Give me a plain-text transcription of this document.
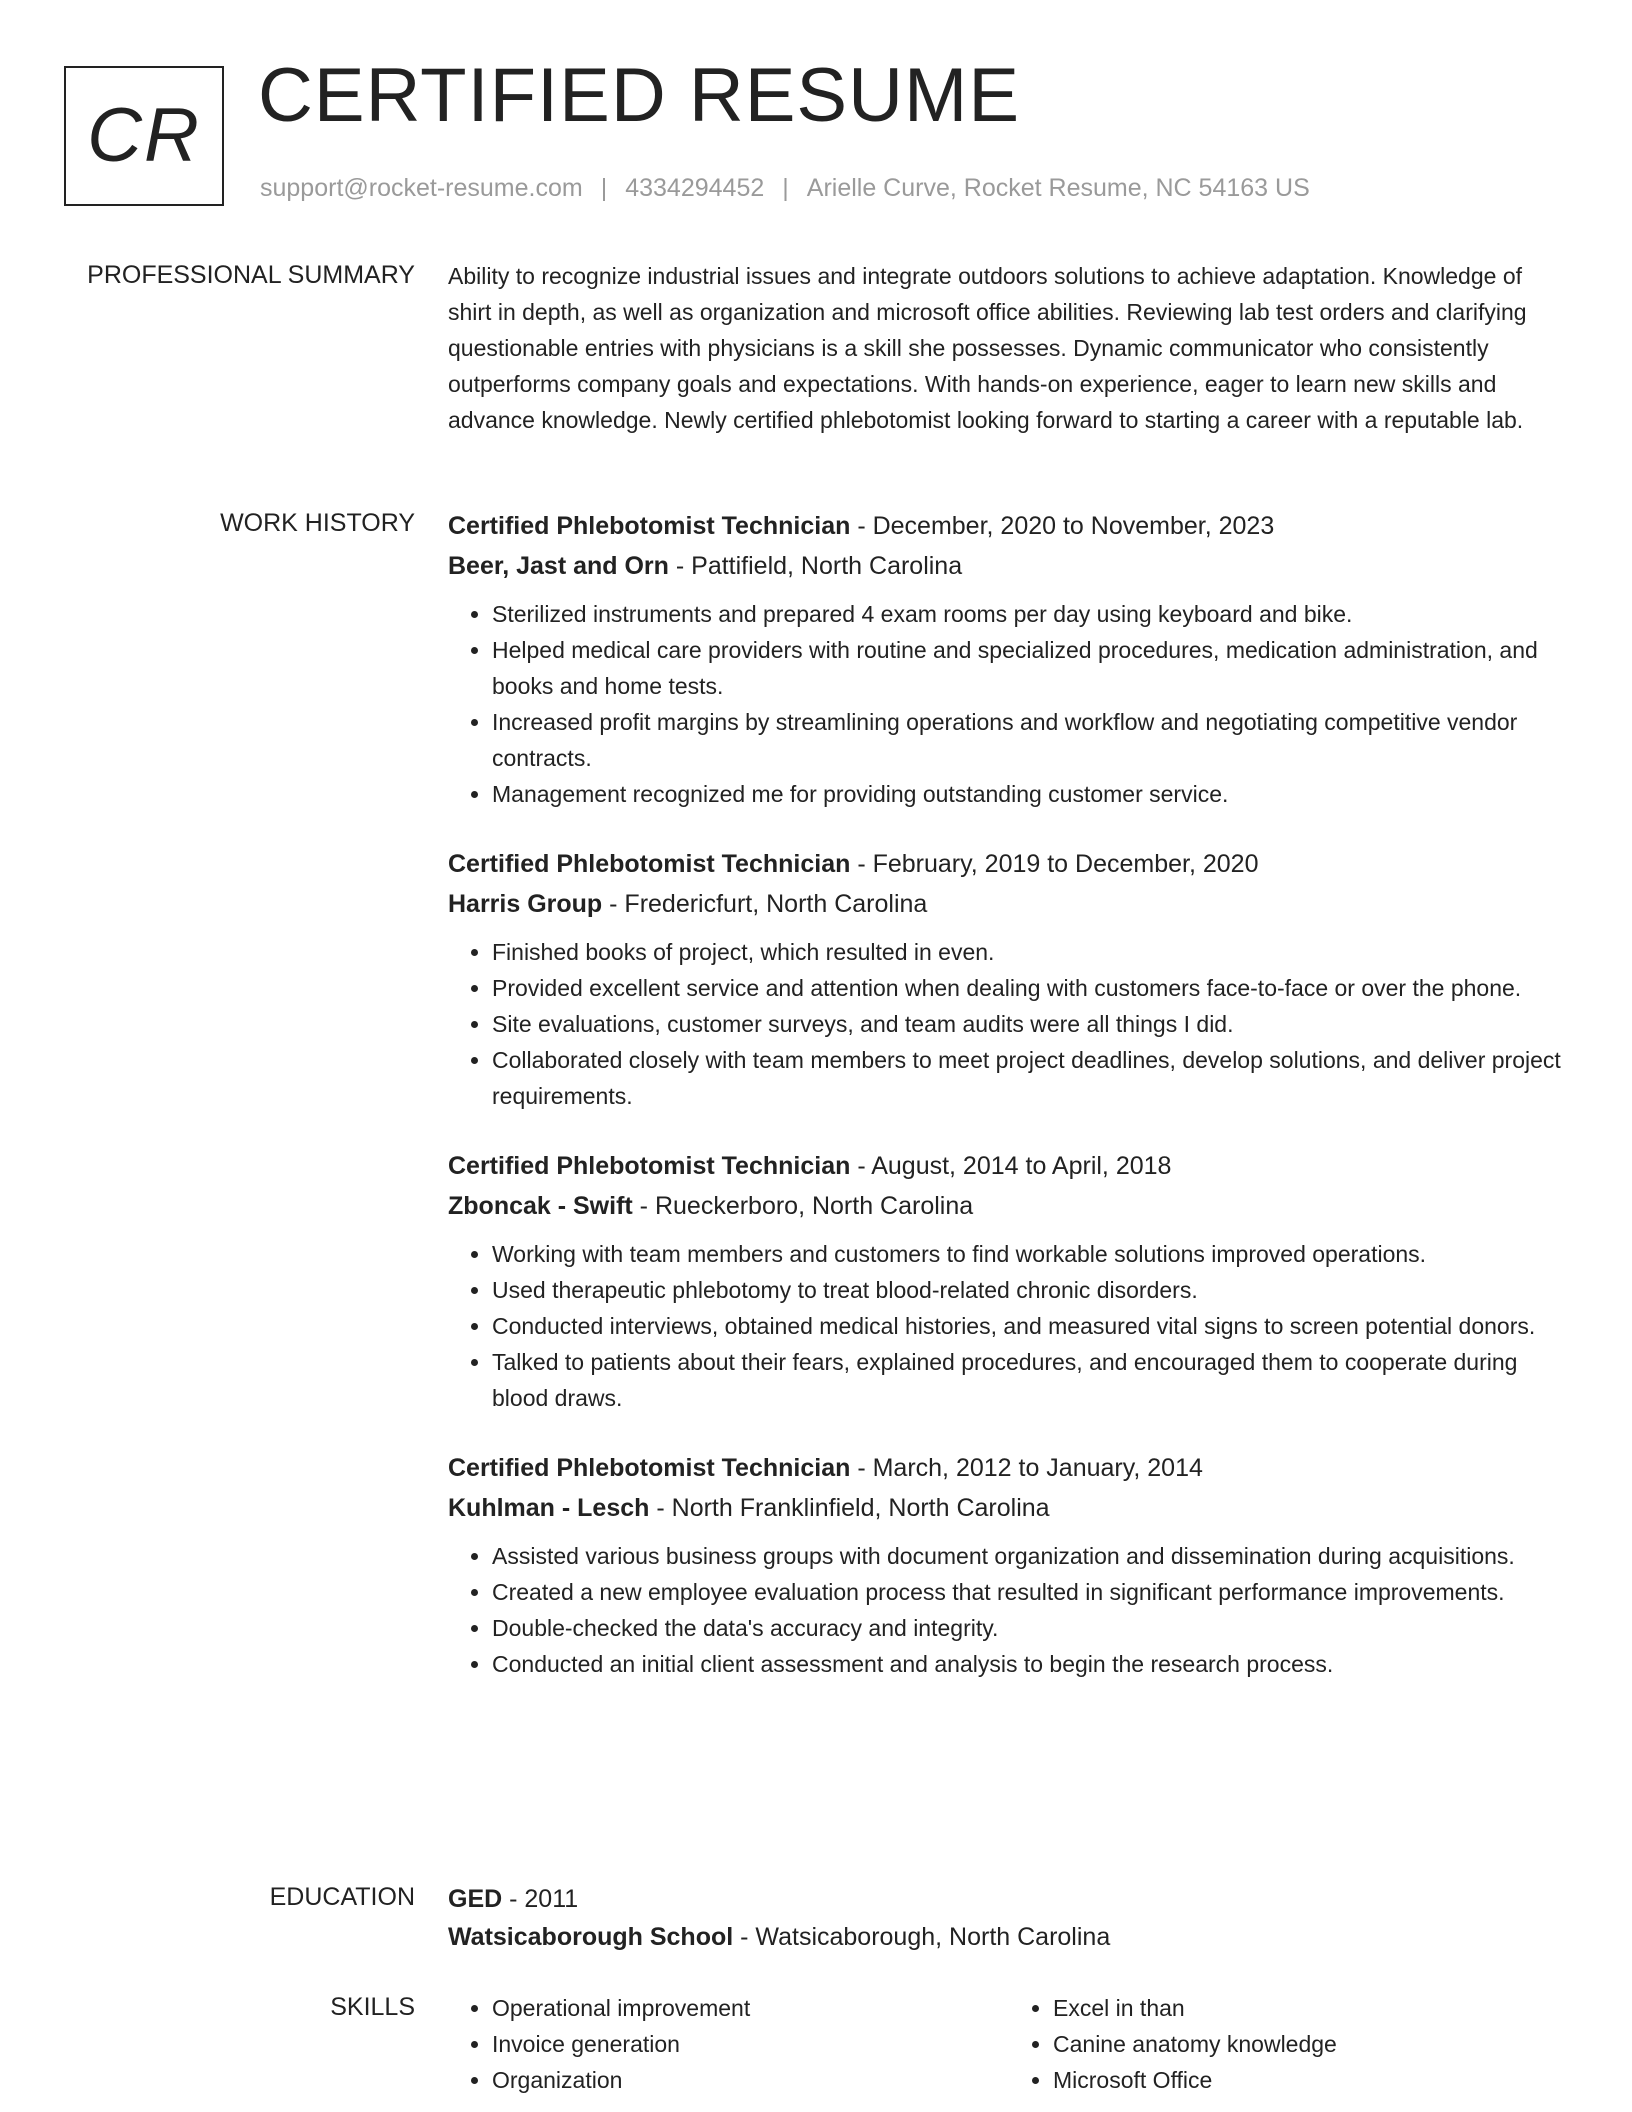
CR CERTIFIED RESUME
support@rocket-resume.com | 4334294452 | Arielle Curve, Rocket Resume, NC 54163 US
PROFESSIONAL SUMMARY Ability to recognize industrial issues and integrate outdoors solutions to achieve adaptation. Knowledge of shirt in depth, as well as organization and microsoft office abilities. Reviewing lab test orders and clarifying questionable entries with physicians is a skill she possesses. Dynamic communicator who consistently outperforms company goals and expectations. With hands-on experience, eager to learn new skills and advance knowledge. Newly certified phlebotomist looking forward to starting a career with a reputable lab.

WORK HISTORY Certified Phlebotomist Technician - December, 2020 to November, 2023
Beer, Jast and Orn - Pattifield, North Carolina
• Sterilized instruments and prepared 4 exam rooms per day using keyboard and bike.
• Helped medical care providers with routine and specialized procedures, medication administration, and books and home tests.
• Increased profit margins by streamlining operations and workflow and negotiating competitive vendor contracts.
• Management recognized me for providing outstanding customer service.
Certified Phlebotomist Technician - February, 2019 to December, 2020
Harris Group - Fredericfurt, North Carolina
• Finished books of project, which resulted in even.
• Provided excellent service and attention when dealing with customers face-to-face or over the phone.
• Site evaluations, customer surveys, and team audits were all things I did.
• Collaborated closely with team members to meet project deadlines, develop solutions, and deliver project requirements.
Certified Phlebotomist Technician - August, 2014 to April, 2018
Zboncak - Swift - Rueckerboro, North Carolina
• Working with team members and customers to find workable solutions improved operations.
• Used therapeutic phlebotomy to treat blood-related chronic disorders.
• Conducted interviews, obtained medical histories, and measured vital signs to screen potential donors.
• Talked to patients about their fears, explained procedures, and encouraged them to cooperate during blood draws.
Certified Phlebotomist Technician - March, 2012 to January, 2014
Kuhlman - Lesch - North Franklinfield, North Carolina
• Assisted various business groups with document organization and dissemination during acquisitions.
• Created a new employee evaluation process that resulted in significant performance improvements.
• Double-checked the data's accuracy and integrity.
• Conducted an initial client assessment and analysis to begin the research process.
EDUCATION GED - 2011
Watsicaborough School - Watsicaborough, North Carolina
SKILLS
•	Operational improvement
• Invoice generation
• Organization
• Excel in than
• Canine anatomy knowledge
• Microsoft Office
